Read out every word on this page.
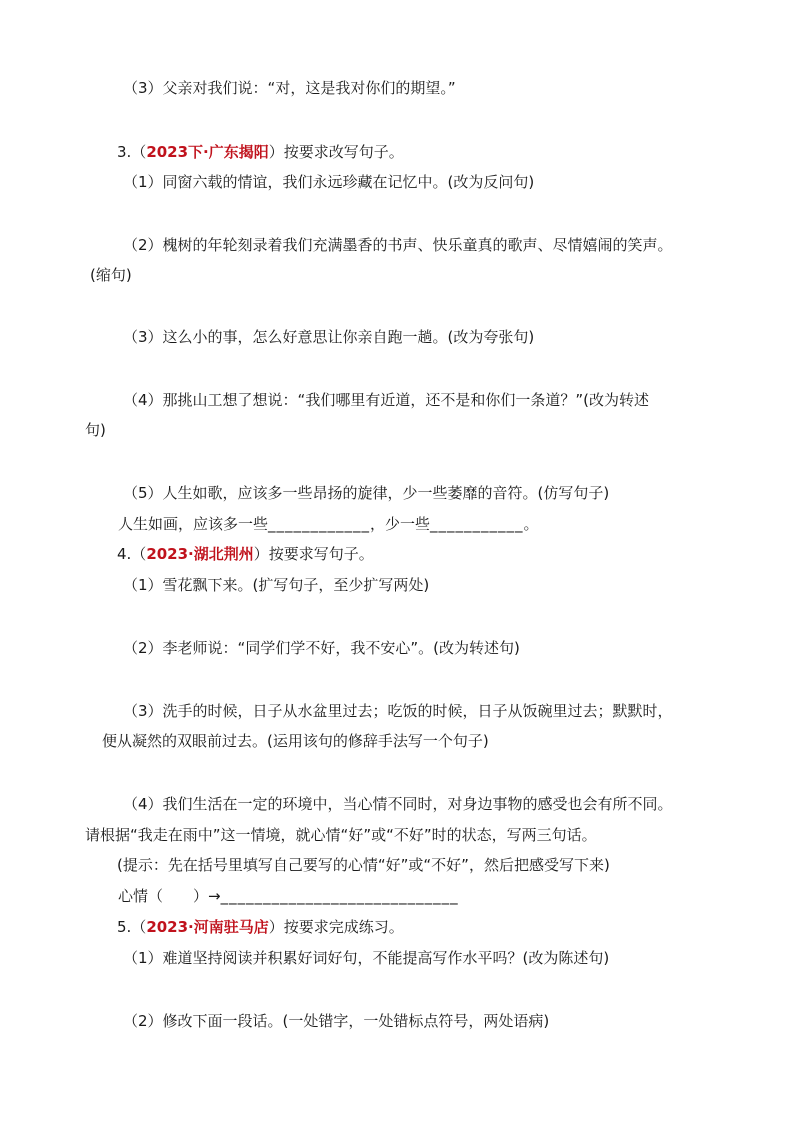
（3）父亲对我们说：“对，这是我对你们的期望。”
3.（2023下·广东揭阳）按要求改写句子。
（1）同窗六载的情谊，我们永远珍藏在记忆中。(改为反问句)
（2）槐树的年轮刻录着我们充满墨香的书声、快乐童真的歌声、尽情嬉闹的笑声。
(缩句)
（3）这么小的事，怎么好意思让你亲自跑一趟。(改为夸张句)
（4）那挑山工想了想说：“我们哪里有近道，还不是和你们一条道？”(改为转述
句)
（5）人生如歌，应该多一些昂扬的旋律，少一些萎靡的音符。(仿写句子)
人生如画，应该多一些____________，少一些___________。
4.（2023·湖北荆州）按要求写句子。
（1）雪花飘下来。(扩写句子，至少扩写两处)
（2）李老师说：“同学们学不好，我不安心”。(改为转述句)
（3）洗手的时候，日子从水盆里过去；吃饭的时候，日子从饭碗里过去；默默时，
便从凝然的双眼前过去。(运用该句的修辞手法写一个句子)
（4）我们生活在一定的环境中，当心情不同时，对身边事物的感受也会有所不同。
请根据“我走在雨中”这一情境，就心情“好”或“不好”时的状态，写两三句话。
(提示：先在括号里填写自己要写的心情“好”或“不好”，然后把感受写下来)
心情（　　）→____________________________
5.（2023·河南驻马店）按要求完成练习。
（1）难道坚持阅读并积累好词好句，不能提高写作水平吗？(改为陈述句)
（2）修改下面一段话。(一处错字，一处错标点符号，两处语病)
